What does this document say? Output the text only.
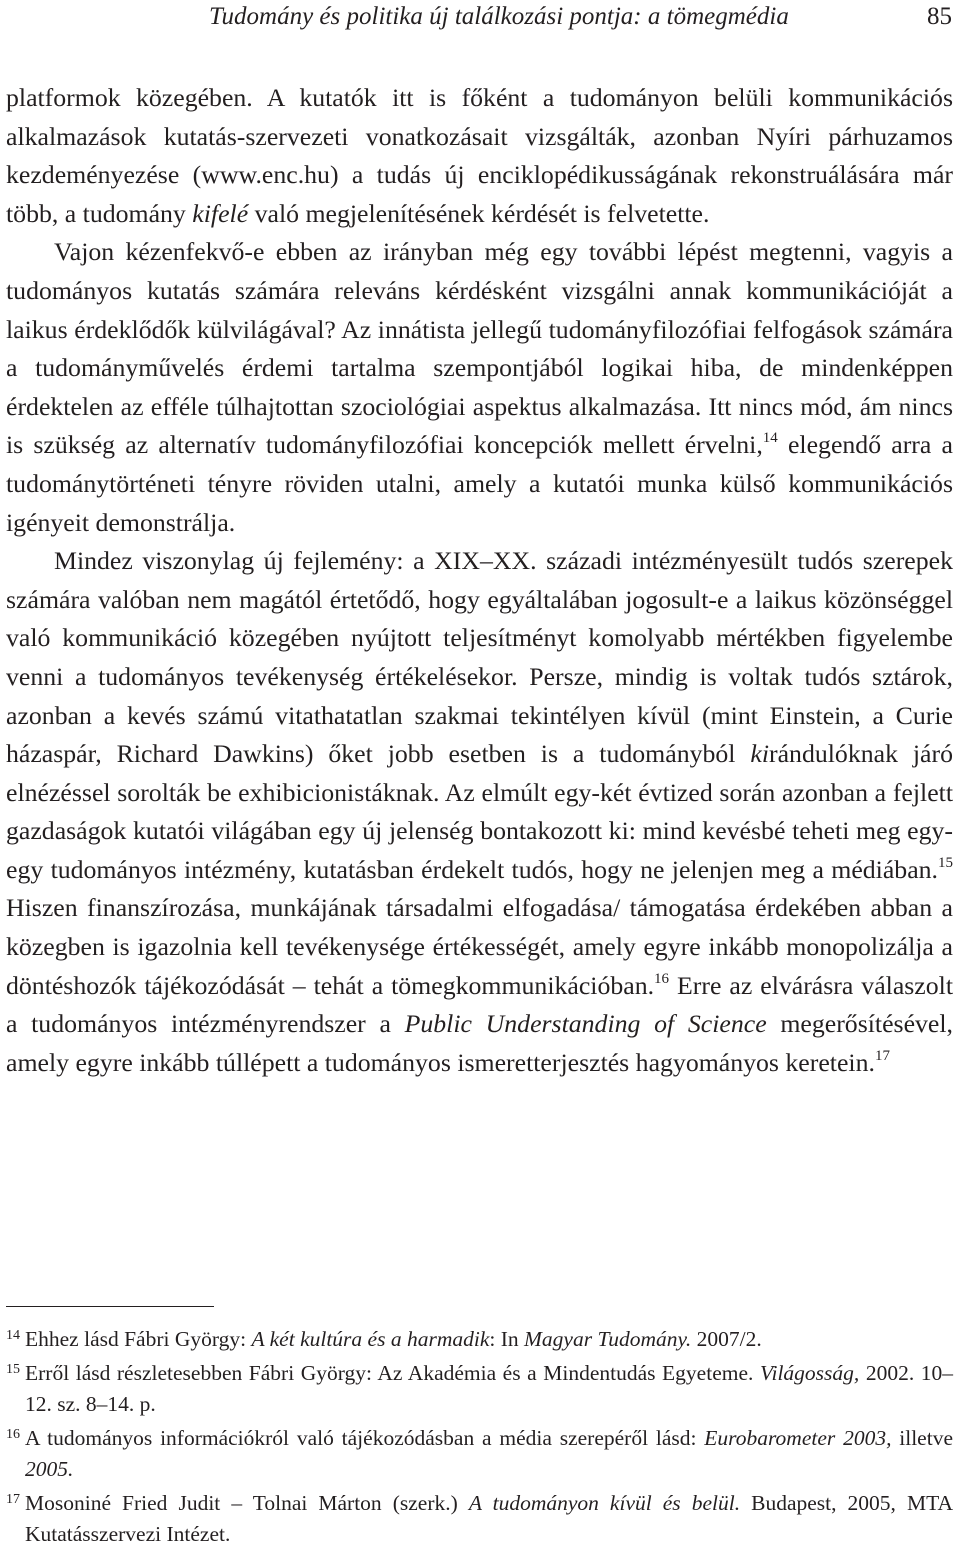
Tudomány és politika új találkozási pontja: a tömegmédia	85

platformok közegében. A kutatók itt is főként a tudományon belüli kommunikációs alkalmazások kutatás-szervezeti vonatkozásait vizsgálták, azonban Nyíri párhuzamos kezdeményezése (www.enc.hu) a tudás új enciklopédikusságának rekonstruálására már több, a tudomány kifelé való megjelenítésének kérdését is felvetette.

Vajon kézenfekvő-e ebben az irányban még egy további lépést megtenni, vagyis a tudományos kutatás számára releváns kérdésként vizsgálni annak kommunikációját a laikus érdeklődők külvilágával? Az innátista jellegű tudományfilozófiai felfogások számára a tudományművelés érdemi tartalma szempontjából logikai hiba, de mindenképpen érdektelen az efféle túlhajtottan szociológiai aspektus alkalmazása. Itt nincs mód, ám nincs is szükség az alternatív tudományfilozófiai koncepciók mellett érvelni,$^{14}$ elegendő arra a tudománytörténeti tényre röviden utalni, amely a kutatói munka külső kommunikációs igényeit demonstrálja.

Mindez viszonylag új fejlemény: a XIX–XX. századi intézményesült tudós szerepek számára valóban nem magától értetődő, hogy egyáltalában jogosult-e a laikus közönséggel való kommunikáció közegében nyújtott teljesítményt komolyabb mértékben figyelembe venni a tudományos tevékenység értékelésekor. Persze, mindig is voltak tudós sztárok, azonban a kevés számú vitathatatlan szakmai tekintélyen kívül (mint Einstein, a Curie házaspár, Richard Dawkins) őket jobb esetben is a tudományból kirándulóknak járó elnézéssel sorolták be exhibicionistáknak. Az elmúlt egy-két évtized során azonban a fejlett gazdaságok kutatói világában egy új jelenség bontakozott ki: mind kevésbé teheti meg egy-egy tudományos intézmény, kutatásban érdekelt tudós, hogy ne jelenjen meg a médiában.$^{15}$ Hiszen finanszírozása, munkájának társadalmi elfogadása/ támogatása érdekében abban a közegben is igazolnia kell tevékenysége értékességét, amely egyre inkább monopolizálja a döntéshozók tájékozódását – tehát a tömegkommunikációban.$^{16}$ Erre az elvárásra válaszolt a tudományos intézményrendszer a Public Understanding of Science megerősítésével, amely egyre inkább túllépett a tudományos ismeretterjesztés hagyományos keretein.$^{17}$

14 Ehhez lásd Fábri György: A két kultúra és a harmadik: In Magyar Tudomány. 2007/2.
15 Erről lásd részletesebben Fábri György: Az Akadémia és a Mindentudás Egyeteme. Világosság, 2002. 10–12. sz. 8–14. p.
16 A tudományos információkról való tájékozódásban a média szerepéről lásd: Eurobarometer 2003, illetve 2005.
17 Mosoniné Fried Judit – Tolnai Márton (szerk.) A tudományon kívül és belül. Budapest, 2005, MTA Kutatásszervezi Intézet.
